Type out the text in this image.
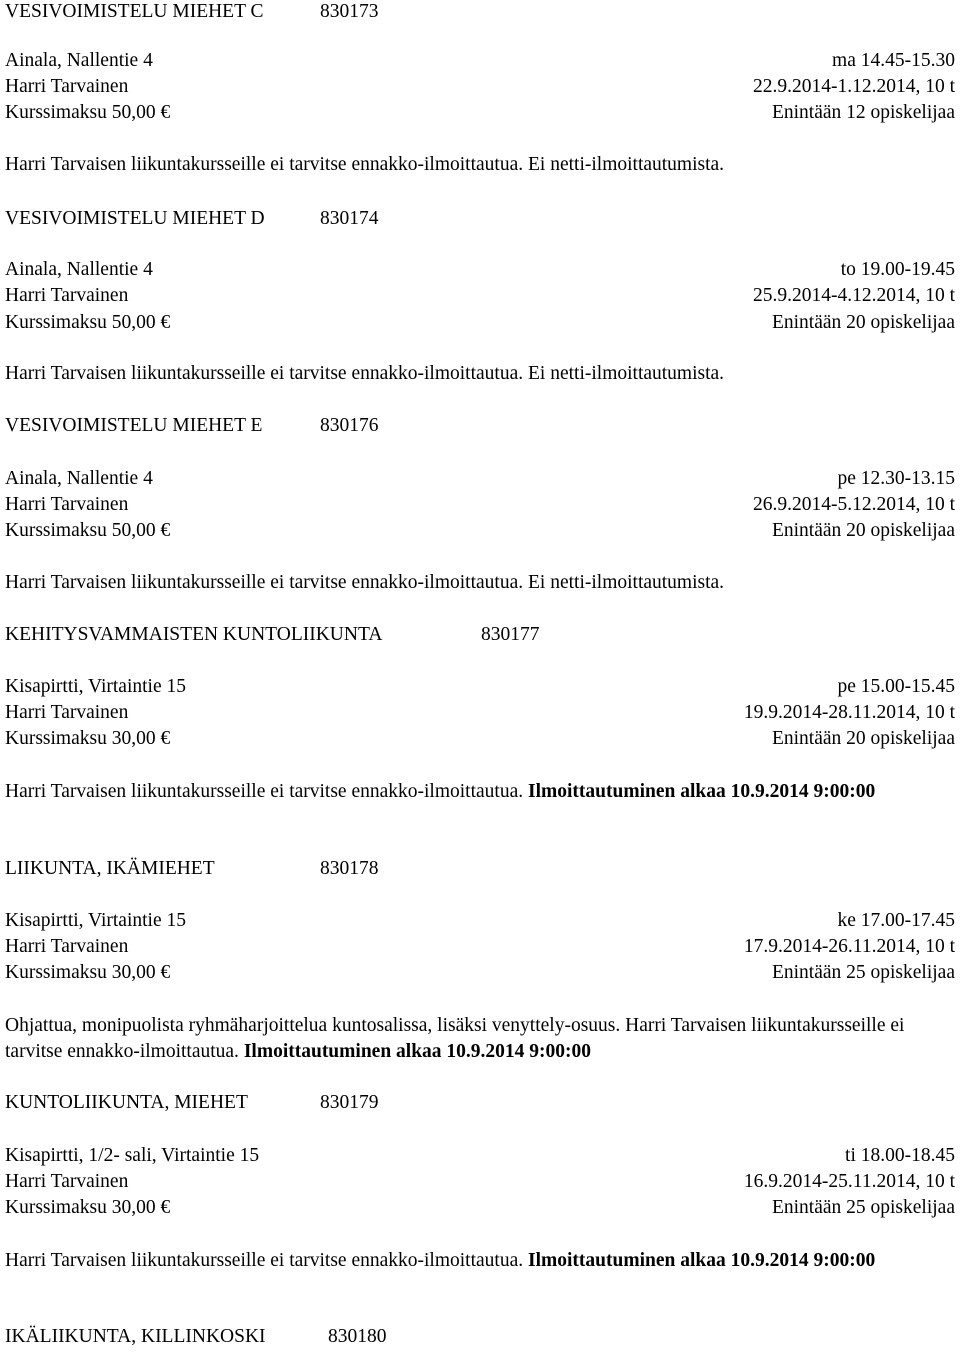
VESIVOIMISTELU MIEHET C	830173
Ainala, Nallentie 4	ma 14.45-15.30
Harri Tarvainen	22.9.2014-1.12.2014, 10 t
Kurssimaksu 50,00 €	Enintään 12 opiskelijaa
Harri Tarvaisen liikuntakursseille ei tarvitse ennakko-ilmoittautua. Ei netti-ilmoittautumista.
VESIVOIMISTELU MIEHET D	830174
Ainala, Nallentie 4	to 19.00-19.45
Harri Tarvainen	25.9.2014-4.12.2014, 10 t
Kurssimaksu 50,00 €	Enintään 20 opiskelijaa
Harri Tarvaisen liikuntakursseille ei tarvitse ennakko-ilmoittautua. Ei netti-ilmoittautumista.
VESIVOIMISTELU MIEHET E	830176
Ainala, Nallentie 4	pe 12.30-13.15
Harri Tarvainen	26.9.2014-5.12.2014, 10 t
Kurssimaksu 50,00 €	Enintään 20 opiskelijaa
Harri Tarvaisen liikuntakursseille ei tarvitse ennakko-ilmoittautua. Ei netti-ilmoittautumista.
KEHITYSVAMMAISTEN KUNTOLIIKUNTA	830177
Kisapirtti, Virtaintie 15	pe 15.00-15.45
Harri Tarvainen	19.9.2014-28.11.2014, 10 t
Kurssimaksu 30,00 €	Enintään 20 opiskelijaa
Harri Tarvaisen liikuntakursseille ei tarvitse ennakko-ilmoittautua. Ilmoittautuminen alkaa 10.9.2014 9:00:00
LIIKUNTA, IKÄMIEHET	830178
Kisapirtti, Virtaintie 15	ke 17.00-17.45
Harri Tarvainen	17.9.2014-26.11.2014, 10 t
Kurssimaksu 30,00 €	Enintään 25 opiskelijaa
Ohjattua, monipuolista ryhmäharjoittelua kuntosalissa, lisäksi venyttely-osuus. Harri Tarvaisen liikuntakursseille ei tarvitse ennakko-ilmoittautua. Ilmoittautuminen alkaa 10.9.2014 9:00:00
KUNTOLIIKUNTA, MIEHET	830179
Kisapirtti, 1/2- sali, Virtaintie 15	ti 18.00-18.45
Harri Tarvainen	16.9.2014-25.11.2014, 10 t
Kurssimaksu 30,00 €	Enintään 25 opiskelijaa
Harri Tarvaisen liikuntakursseille ei tarvitse ennakko-ilmoittautua. Ilmoittautuminen alkaa 10.9.2014 9:00:00
IKÄLIIKUNTA, KILLINKOSKI	830180
